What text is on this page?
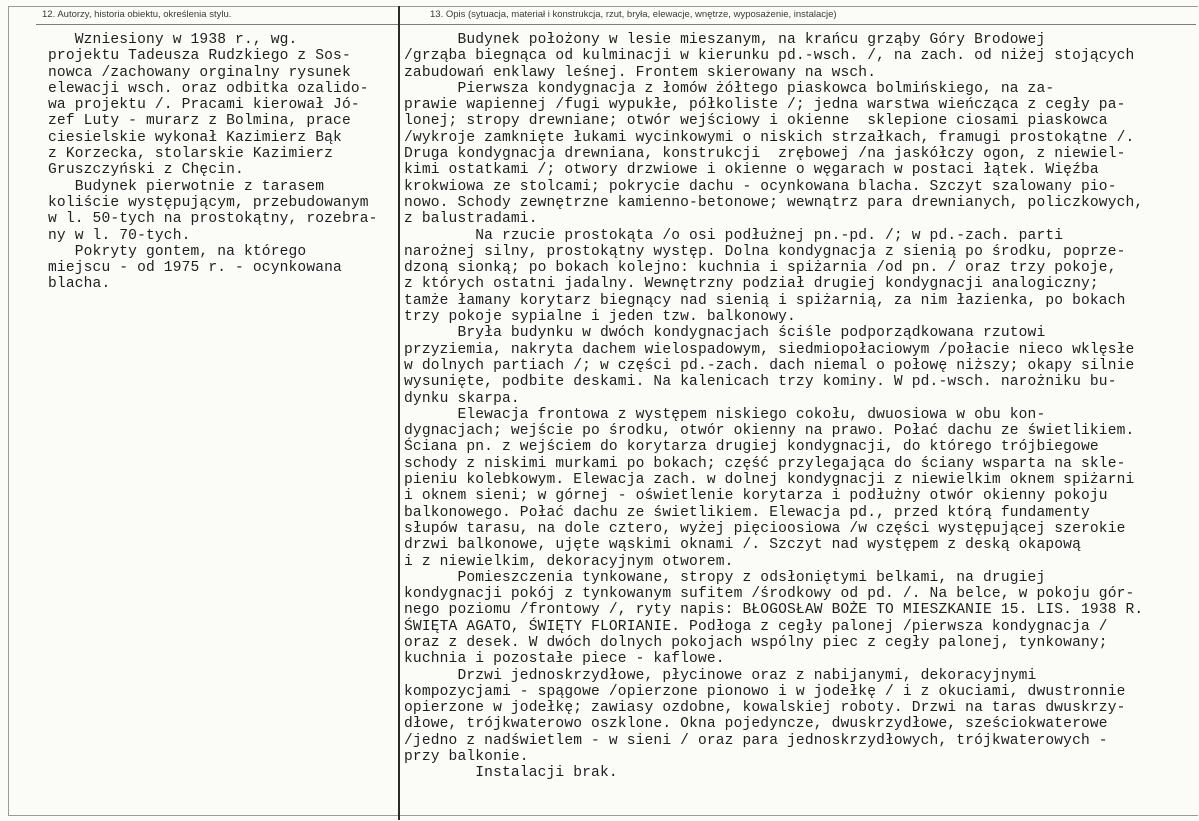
12. Autorzy, historia obiektu, określenia stylu.	13. Opis (sytuacja, materiał i konstrukcja, rzut, bryła, elewacje, wnętrze, wyposażenie, instalacje)
Wzniesiony w 1938 r., wg.
projektu Tadeusza Rudzkiego z Sos-
nowca /zachowany orginalny rysunek
elewacji wsch. oraz odbitka ozalido-
wa projektu /. Pracami kierował Jó-
zef Luty - murarz z Bolmina, prace
ciesielskie wykonał Kazimierz Bąk
z Korzecka, stolarskie Kazimierz
Gruszczyński z Chęcin.
Budynek pierwotnie z tarasem
koliście występującym, przebudowanym
w l. 50-tych na prostokątny, rozebra-
ny w l. 70-tych.
Pokryty gontem, na którego
miejscu - od 1975 r. - ocynkowana
blacha.
Budynek położony w lesie mieszanym, na krańcu grząby Góry Brodowej
/grząba biegnąca od kulminacji w kierunku pd.-wsch. /, na zach. od niżej stojących
zabudowań enklawy leśnej. Frontem skierowany na wsch.
Pierwsza kondygnacja z łomów żółtego piaskowca bolmińskiego, na za-
prawie wapiennej /fugi wypukłe, półkoliste /; jedna warstwa wieńcząca z cegły pa-
lonej; stropy drewniane; otwór wejściowy i okienne  sklepione ciosami piaskowca
/wykroje zamknięte łukami wycinkowymi o niskich strzałkach, framugi prostokątne /.
Druga kondygnacja drewniana, konstrukcji  zrębowej /na jaskółczy ogon, z niewiel-
kimi ostatkami /; otwory drzwiowe i okienne o węgarach w postaci łątek. Więźba
krokwiowa ze stolcami; pokrycie dachu - ocynkowana blacha. Szczyt szalowany pio-
nowo. Schody zewnętrzne kamienno-betonowe; wewnątrz para drewnianych, policzkowych,
z balustradami.
Na rzucie prostokąta /o osi podłużnej pn.-pd. /; w pd.-zach. parti
narożnej silny, prostokątny występ. Dolna kondygnacja z sienią po środku, poprze-
dzoną sionką; po bokach kolejno: kuchnia i spiżarnia /od pn. / oraz trzy pokoje,
z których ostatni jadalny. Wewnętrzny podział drugiej kondygnacji analogiczny;
tamże łamany korytarz biegnący nad sienią i spiżarnią, za nim łazienka, po bokach
trzy pokoje sypialne i jeden tzw. balkonowy.
Bryła budynku w dwóch kondygnacjach ściśle podporządkowana rzutowi
przyziemia, nakryta dachem wielospadowym, siedmiopołaciowym /połacie nieco wklęsłe
w dolnych partiach /; w części pd.-zach. dach niemal o połowę niższy; okapy silnie
wysunięte, podbite deskami. Na kalenicach trzy kominy. W pd.-wsch. narożniku bu-
dynku skarpa.
Elewacja frontowa z występem niskiego cokołu, dwuosiowa w obu kon-
dygnacjach; wejście po środku, otwór okienny na prawo. Połać dachu ze świetlikiem.
Ściana pn. z wejściem do korytarza drugiej kondygnacji, do którego trójbiegowe
schody z niskimi murkami po bokach; część przylegająca do ściany wsparta na sklе-
pieniu kolebkowym. Elewacja zach. w dolnej kondygnacji z niewielkim oknem spiżarni
i oknem sieni; w górnej - oświetlenie korytarza i podłużny otwór okienny pokoju
balkonowego. Połać dachu ze świetlikiem. Elewacja pd., przed którą fundamenty
słupów tarasu, na dole cztero, wyżej pięcioosiowa /w części występującej szerokie
drzwi balkonowe, ujęte wąskimi oknami /. Szczyt nad występem z deską okapową
i z niewielkim, dekoracyjnym otworem.
Pomieszczenia tynkowane, stropy z odsłoniętymi belkami, na drugiej
kondygnacji pokój z tynkowanym sufitem /środkowy od pd. /. Na belce, w pokoju gór-
nego poziomu /frontowy /, ryty napis: BŁOGOSŁAW BOŻE TO MIESZKANIE 15. LIS. 1938 R.
ŚWIĘTA AGATO, ŚWIĘTY FLORIANIE. Podłoga z cegły palonej /pierwsza kondygnacja /
oraz z desek. W dwóch dolnych pokojach wspólny piec z cegły palonej, tynkowany;
kuchnia i pozostałe piece - kaflowe.
Drzwi jednoskrzydłowe, płycinowe oraz z nabijanymi, dekoracyjnymi
kompozycjami - spągowe /opierzone pionowo i w jodełkę / i z okuciami, dwustronnie
opierzone w jodełkę; zawiasy ozdobne, kowalskiej roboty. Drzwi na taras dwuskrzy-
dłowe, trójkwaterowo oszklone. Okna pojedyncze, dwuskrzydłowe, sześciokwaterowe
/jedno z nadświetlem - w sieni / oraz para jednoskrzydłowych, trójkwaterowych -
przy balkonie.
Instalacji brak.
